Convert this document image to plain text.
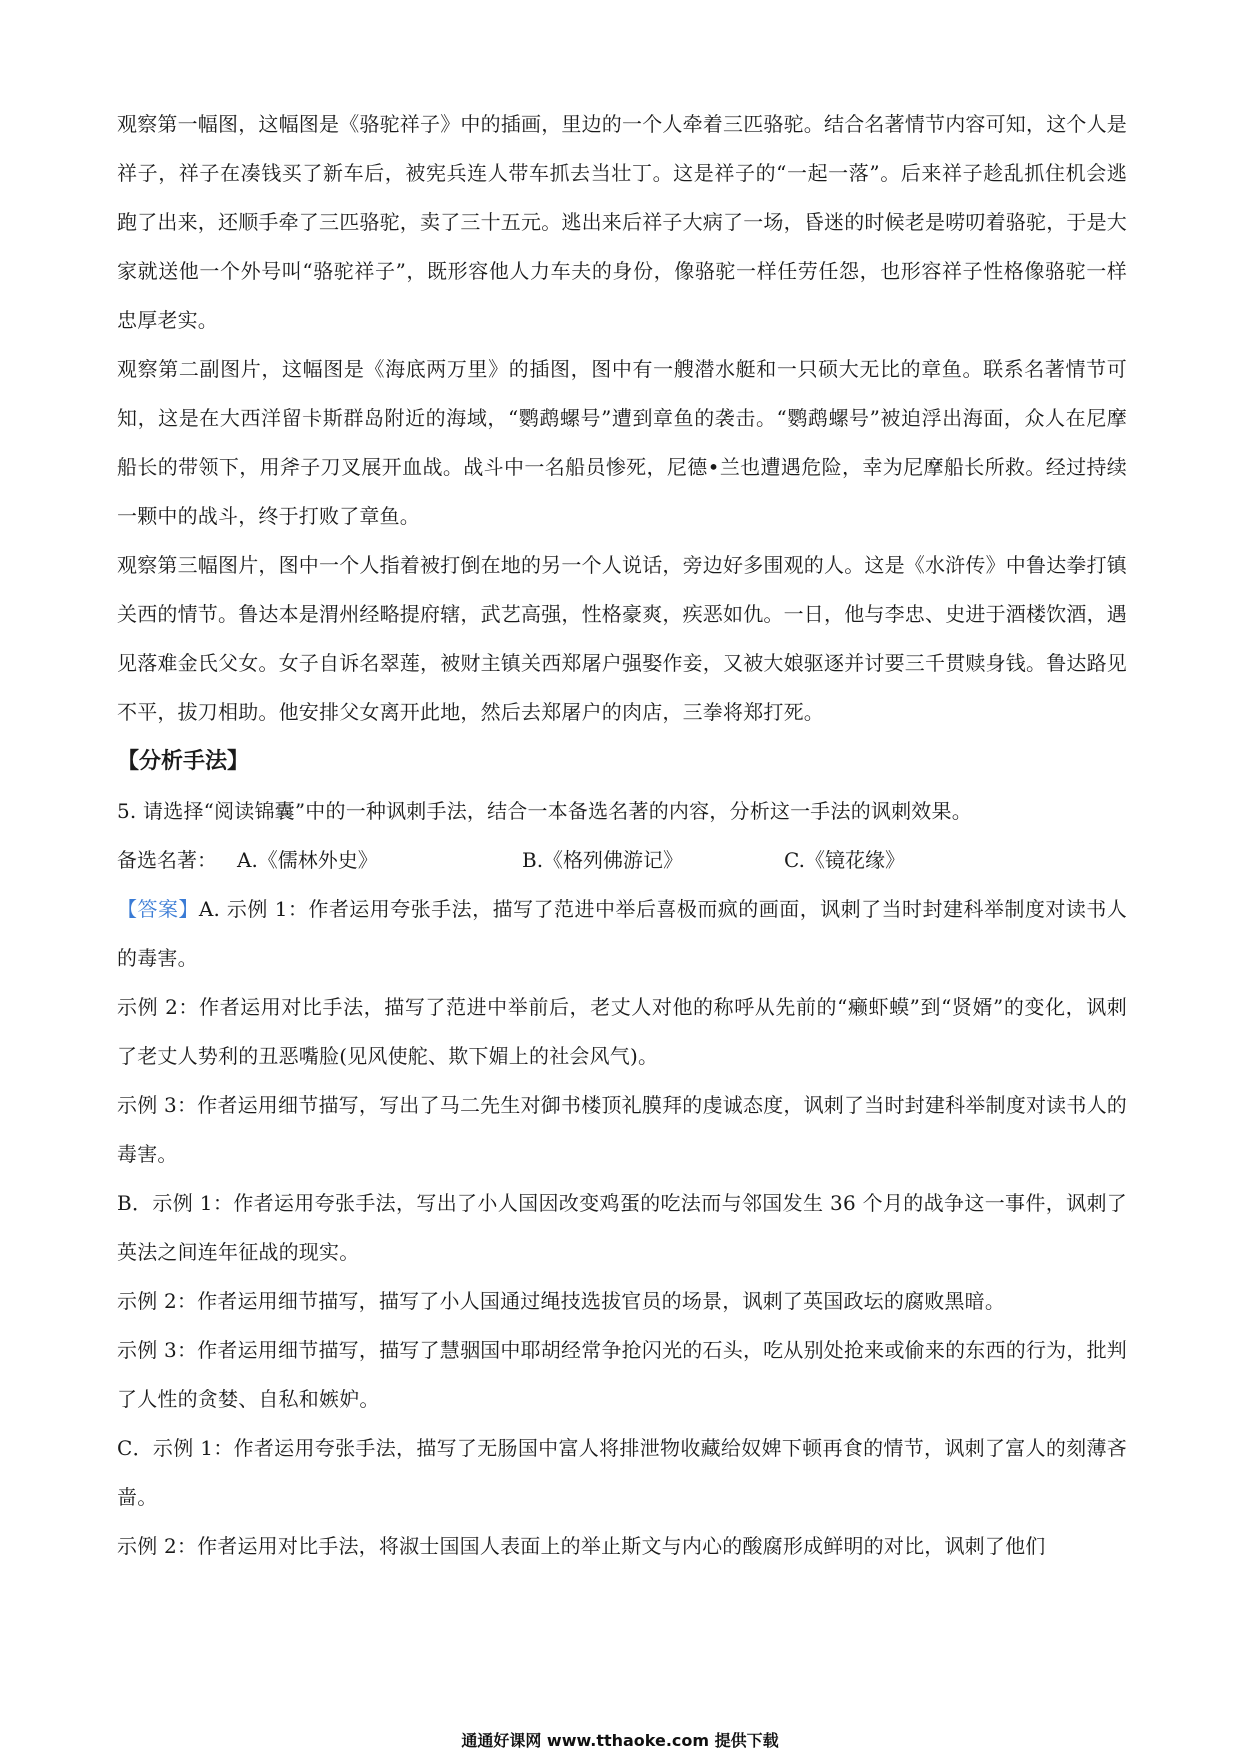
观察第一幅图，这幅图是《骆驼祥子》中的插画，里边的一个人牵着三匹骆驼。结合名著情节内容可知，这个人是祥子，祥子在凑钱买了新车后，被宪兵连人带车抓去当壮丁。这是祥子的“一起一落”。后来祥子趁乱抓住机会逃跑了出来，还顺手牵了三匹骆驼，卖了三十五元。逃出来后祥子大病了一场，昏迷的时候老是唠叨着骆驼，于是大家就送他一个外号叫“骆驼祥子”，既形容他人力车夫的身份，像骆驼一样任劳任怨，也形容祥子性格像骆驼一样忠厚老实。

观察第二副图片，这幅图是《海底两万里》的插图，图中有一艘潜水艇和一只硕大无比的章鱼。联系名著情节可知，这是在大西洋留卡斯群岛附近的海域，“鹦鹉螺号”遭到章鱼的袭击。“鹦鹉螺号”被迫浮出海面，众人在尼摩船长的带领下，用斧子刀叉展开血战。战斗中一名船员惨死，尼德•兰也遭遇危险，幸为尼摩船长所救。经过持续一颗中的战斗，终于打败了章鱼。

观察第三幅图片，图中一个人指着被打倒在地的另一个人说话，旁边好多围观的人。这是《水浒传》中鲁达拳打镇关西的情节。鲁达本是渭州经略提府辖，武艺高强，性格豪爽，疾恶如仇。一日，他与李忠、史进于酒楼饮酒，遇见落难金氏父女。女子自诉名翠莲，被财主镇关西郑屠户强娶作妾，又被大娘驱逐并讨要三千贯赎身钱。鲁达路见不平，拔刀相助。他安排父女离开此地，然后去郑屠户的肉店，三拳将郑打死。

【分析手法】

5. 请选择“阅读锦囊”中的一种讽刺手法，结合一本备选名著的内容，分析这一手法的讽刺效果。

备选名著：	A.《儒林外史》	B.《格列佛游记》	C.《镜花缘》

【答案】A. 示例 1：作者运用夸张手法，描写了范进中举后喜极而疯的画面，讽刺了当时封建科举制度对读书人的毒害。

示例 2：作者运用对比手法，描写了范进中举前后，老丈人对他的称呼从先前的“癞虾蟆”到“贤婿”的变化，讽刺了老丈人势利的丑恶嘴脸(见风使舵、欺下媚上的社会风气)。

示例 3：作者运用细节描写，写出了马二先生对御书楼顶礼膜拜的虔诚态度，讽刺了当时封建科举制度对读书人的毒害。

B．示例 1：作者运用夸张手法，写出了小人国因改变鸡蛋的吃法而与邻国发生 36 个月的战争这一事件，讽刺了英法之间连年征战的现实。

示例 2：作者运用细节描写，描写了小人国通过绳技选拔官员的场景，讽刺了英国政坛的腐败黑暗。

示例 3：作者运用细节描写，描写了慧骃国中耶胡经常争抢闪光的石头，吃从别处抢来或偷来的东西的行为，批判了人性的贪婪、自私和嫉妒。

C．示例 1：作者运用夸张手法，描写了无肠国中富人将排泄物收藏给奴婢下顿再食的情节，讽刺了富人的刻薄吝啬。

示例 2：作者运用对比手法，将淑士国国人表面上的举止斯文与内心的酸腐形成鲜明的对比，讽刺了他们

通通好课网 www.tthaoke.com 提供下载
